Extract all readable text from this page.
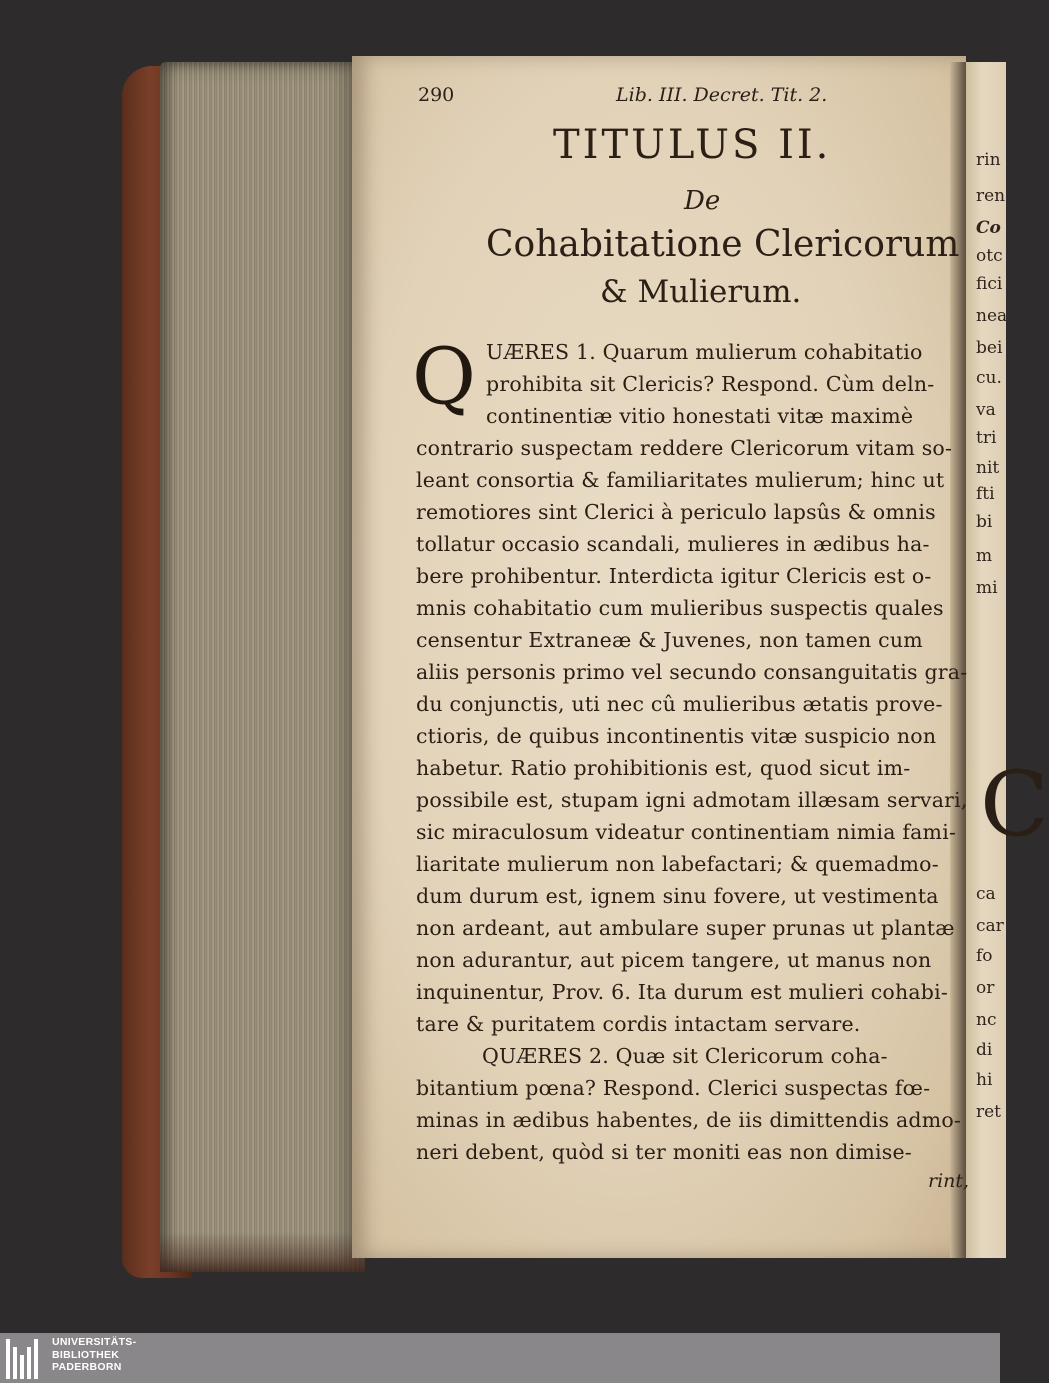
rin
ren
Co
otc
fici
nea
bei
cu.
va
tri
nit
fti
bi
m
mi
C
ca
car
fo
or
nc
di
hi
ret
290	Lib. III. Decret. Tit. 2.
TITULUS II.
De
Cohabitatione Clericorum
& Mulierum.
Q UÆRES 1. Quarum mulierum cohabitatio
prohibita sit Clericis? Respond. Cùm deln-
continentiæ vitio honestati vitæ maximè
contrario suspectam reddere Clericorum vitam so-
leant consortia & familiaritates mulierum; hinc ut
remotiores sint Clerici à periculo lapsûs & omnis
tollatur occasio scandali, mulieres in ædibus ha-
bere prohibentur. Interdicta igitur Clericis est o-
mnis cohabitatio cum mulieribus suspectis quales
censentur Extraneæ & Juvenes, non tamen cum
aliis personis primo vel secundo consanguitatis gra-
du conjunctis, uti nec cû mulieribus ætatis prove-
ctioris, de quibus incontinentis vitæ suspicio non
habetur. Ratio prohibitionis est, quod sicut im-
possibile est, stupam igni admotam illæsam servari,
sic miraculosum videatur continentiam nimia fami-
liaritate mulierum non labefactari; & quemadmo-
dum durum est, ignem sinu fovere, ut vestimenta
non ardeant, aut ambulare super prunas ut plantæ
non adurantur, aut picem tangere, ut manus non
inquinentur, Prov. 6. Ita durum est mulieri cohabi-
tare & puritatem cordis intactam servare.
QUÆRES 2. Quæ sit Clericorum coha-
bitantium pœna? Respond. Clerici suspectas fœ-
minas in ædibus habentes, de iis dimittendis admo-
neri debent, quòd si ter moniti eas non dimise-
rint,
UNIVERSITÄTS-
BIBLIOTHEK
PADERBORN
